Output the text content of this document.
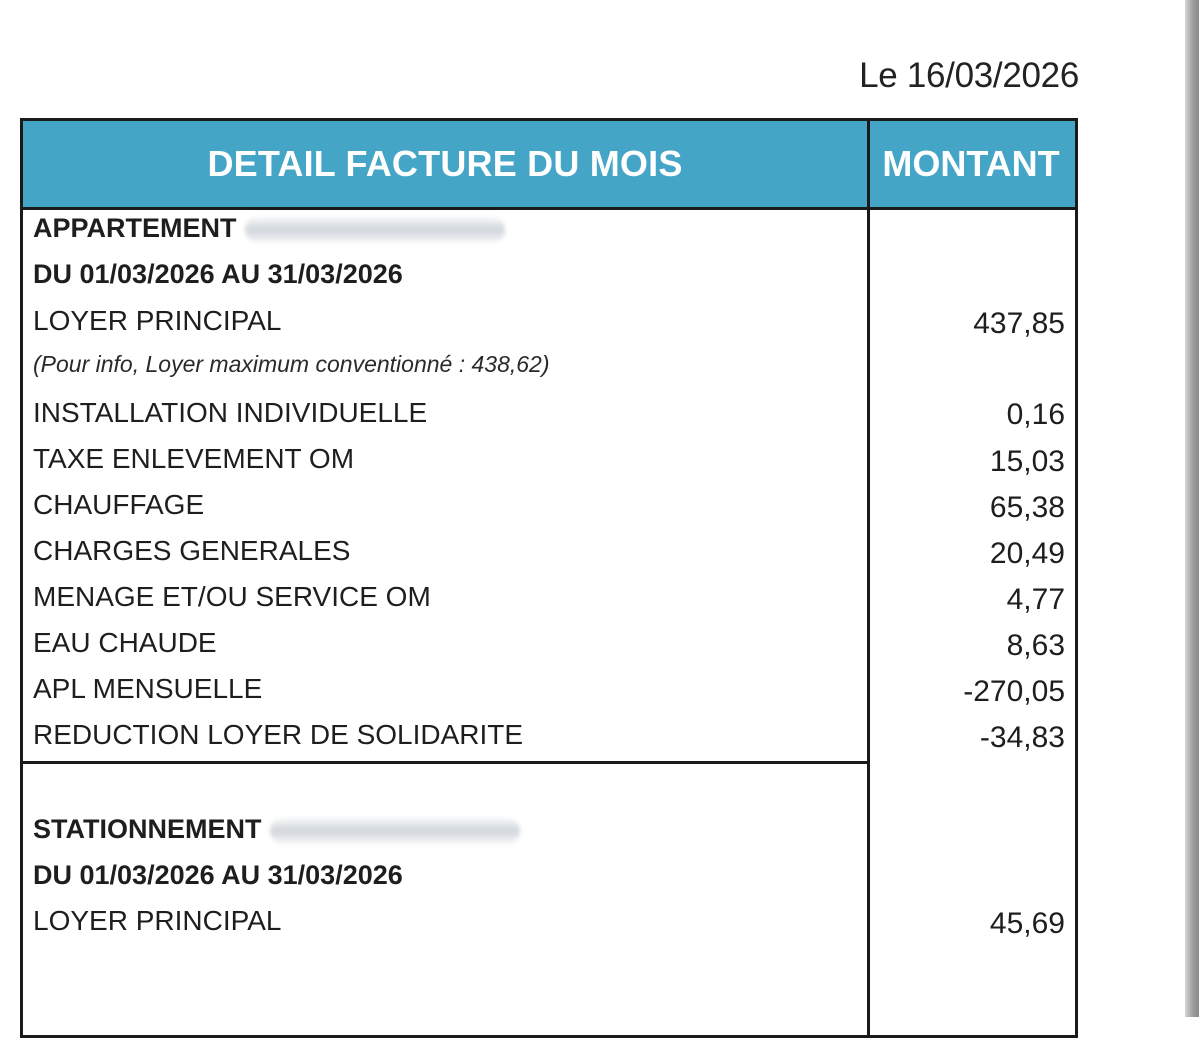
Le 16/03/2026
DETAIL FACTURE DU MOIS	MONTANT
APPARTEMENT
DU 01/03/2026 AU 31/03/2026
LOYER PRINCIPAL	437,85
(Pour info, Loyer maximum conventionné : 438,62)
INSTALLATION INDIVIDUELLE	0,16
TAXE ENLEVEMENT OM	15,03
CHAUFFAGE	65,38
CHARGES GENERALES	20,49
MENAGE ET/OU SERVICE OM	4,77
EAU CHAUDE	8,63
APL MENSUELLE	-270,05
REDUCTION LOYER DE SOLIDARITE	-34,83
STATIONNEMENT
DU 01/03/2026 AU 31/03/2026
LOYER PRINCIPAL	45,69
